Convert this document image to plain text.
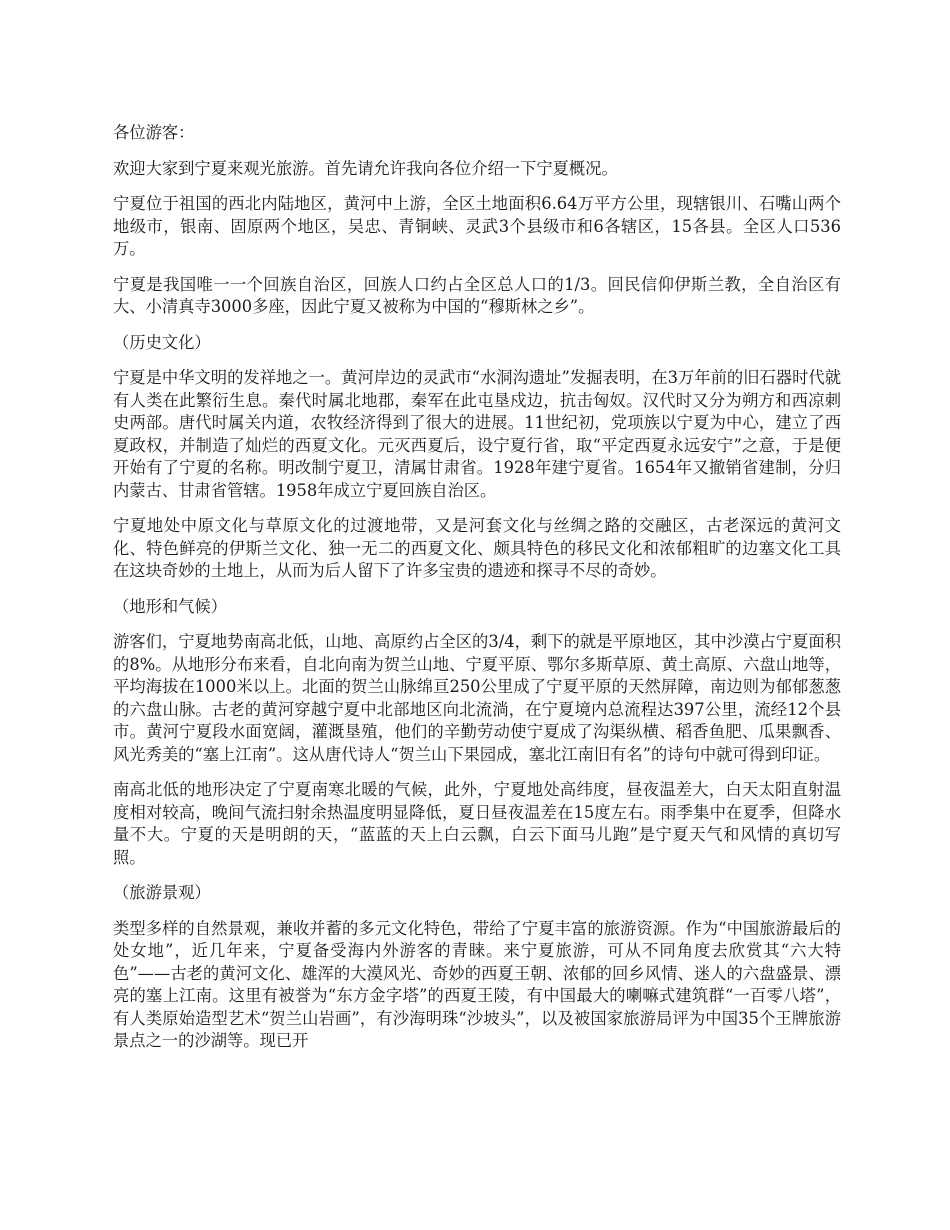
各位游客：

欢迎大家到宁夏来观光旅游。首先请允许我向各位介绍一下宁夏概况。

宁夏位于祖国的西北内陆地区，黄河中上游，全区土地面积6.64万平方公里，现辖银川、石嘴山两个地级市，银南、固原两个地区，吴忠、青铜峡、灵武3个县级市和6各辖区，15各县。全区人口536万。

宁夏是我国唯一一个回族自治区，回族人口约占全区总人口的1/3。回民信仰伊斯兰教，全自治区有大、小清真寺3000多座，因此宁夏又被称为中国的“穆斯林之乡”。

（历史文化）

宁夏是中华文明的发祥地之一。黄河岸边的灵武市“水洞沟遗址”发掘表明，在3万年前的旧石器时代就有人类在此繁衍生息。秦代时属北地郡，秦军在此屯垦戍边，抗击匈奴。汉代时又分为朔方和西凉刺史两部。唐代时属关内道，农牧经济得到了很大的进展。11世纪初，党项族以宁夏为中心，建立了西夏政权，并制造了灿烂的西夏文化。元灭西夏后，设宁夏行省，取“平定西夏永远安宁”之意，于是便开始有了宁夏的名称。明改制宁夏卫，清属甘肃省。1928年建宁夏省。1654年又撤销省建制，分归内蒙古、甘肃省管辖。1958年成立宁夏回族自治区。

宁夏地处中原文化与草原文化的过渡地带，又是河套文化与丝绸之路的交融区，古老深远的黄河文化、特色鲜亮的伊斯兰文化、独一无二的西夏文化、颇具特色的移民文化和浓郁粗旷的边塞文化工具在这块奇妙的土地上，从而为后人留下了许多宝贵的遗迹和探寻不尽的奇妙。

（地形和气候）

游客们，宁夏地势南高北低，山地、高原约占全区的3/4，剩下的就是平原地区，其中沙漠占宁夏面积的8%。从地形分布来看，自北向南为贺兰山地、宁夏平原、鄂尔多斯草原、黄土高原、六盘山地等，平均海拔在1000米以上。北面的贺兰山脉绵亘250公里成了宁夏平原的天然屏障，南边则为郁郁葱葱的六盘山脉。古老的黄河穿越宁夏中北部地区向北流淌，在宁夏境内总流程达397公里，流经12个县市。黄河宁夏段水面宽阔，灌溉垦殖，他们的辛勤劳动使宁夏成了沟渠纵横、稻香鱼肥、瓜果飘香、风光秀美的“塞上江南”。这从唐代诗人“贺兰山下果园成，塞北江南旧有名”的诗句中就可得到印证。

南高北低的地形决定了宁夏南寒北暖的气候，此外，宁夏地处高纬度，昼夜温差大，白天太阳直射温度相对较高，晚间气流扫射余热温度明显降低，夏日昼夜温差在15度左右。雨季集中在夏季，但降水量不大。宁夏的天是明朗的天，“蓝蓝的天上白云飘，白云下面马儿跑”是宁夏天气和风情的真切写照。

（旅游景观）

类型多样的自然景观，兼收并蓄的多元文化特色，带给了宁夏丰富的旅游资源。作为“中国旅游最后的处女地”，近几年来，宁夏备受海内外游客的青睐。来宁夏旅游，可从不同角度去欣赏其“六大特色”——古老的黄河文化、雄浑的大漠风光、奇妙的西夏王朝、浓郁的回乡风情、迷人的六盘盛景、漂亮的塞上江南。这里有被誉为“东方金字塔”的西夏王陵，有中国最大的喇嘛式建筑群“一百零八塔”，有人类原始造型艺术“贺兰山岩画”，有沙海明珠“沙坡头”，以及被国家旅游局评为中国35个王牌旅游景点之一的沙湖等。现已开
